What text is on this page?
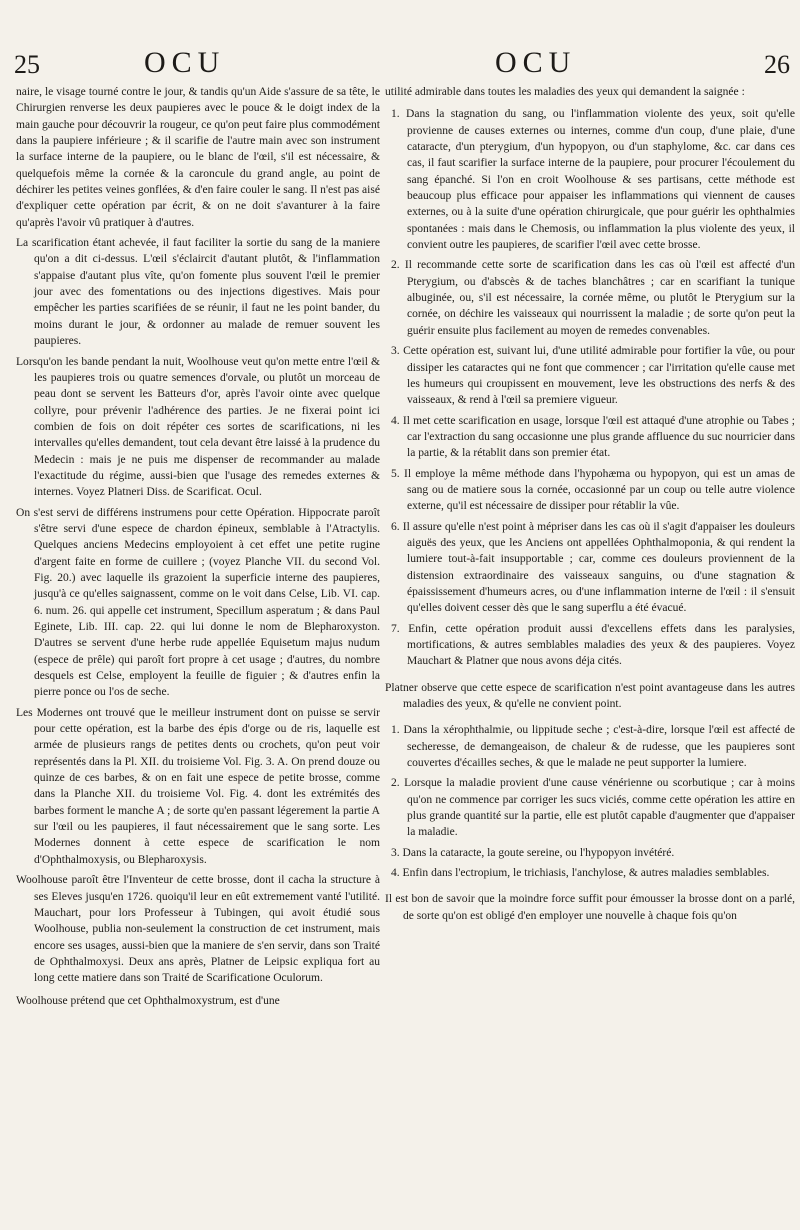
25	OCU	OCU	26

naire, le visage tourné contre le jour, & tandis qu'un Aide s'assure de sa tête, le Chirurgien renverse les deux paupieres avec le pouce & le doigt index de la main gauche pour découvrir la rougeur, ce qu'on peut faire plus commodément dans la paupiere inférieure ; & il scarifie de l'autre main avec son instrument la surface interne de la paupiere, ou le blanc de l'œil, s'il est nécessaire, & quelquefois même la cornée & la caroncule du grand angle, au point de déchirer les petites veines gonflées, & d'en faire couler le sang. Il n'est pas aisé d'expliquer cette opération par écrit, & on ne doit s'avanturer à la faire qu'après l'avoir vû pratiquer à d'autres.

La scarification étant achevée, il faut faciliter la sortie du sang de la maniere qu'on a dit ci-dessus. L'œil s'éclaircit d'autant plutôt, & l'inflammation s'appaise d'autant plus vîte, qu'on fomente plus souvent l'œil le premier jour avec des fomentations ou des injections digestives. Mais pour empêcher les parties scarifiées de se réunir, il faut ne les point bander, du moins durant le jour, & ordonner au malade de remuer souvent les paupieres.

Lorsqu'on les bande pendant la nuit, Woolhouse veut qu'on mette entre l'œil & les paupieres trois ou quatre semences d'orvale, ou plutôt un morceau de peau dont se servent les Batteurs d'or, après l'avoir ointe avec quelque collyre, pour prévenir l'adhérence des parties. Je ne fixerai point ici combien de fois on doit répéter ces sortes de scarifications, ni les intervalles qu'elles demandent, tout cela devant être laissé à la prudence du Medecin : mais je ne puis me dispenser de recommander au malade l'exactitude du régime, aussi-bien que l'usage des remedes externes & internes. Voyez Platneri Diss. de Scarificat. Ocul.

On s'est servi de différens instrumens pour cette Opération. Hippocrate paroît s'être servi d'une espece de chardon épineux, semblable à l'Atractylis. Quelques anciens Medecins employoient à cet effet une petite rugine d'argent faite en forme de cuillere ; (voyez Planche VII. du second Vol. Fig. 20.) avec laquelle ils grazoient la superficie interne des paupieres, jusqu'à ce qu'elles saignassent, comme on le voit dans Celse, Lib. VI. cap. 6. num. 26. qui appelle cet instrument, Specillum asperatum ; & dans Paul Eginete, Lib. III. cap. 22. qui lui donne le nom de Blepharoxyston. D'autres se servent d'une herbe rude appellée Equisetum majus nudum (espece de prêle) qui paroît fort propre à cet usage ; d'autres, du nombre desquels est Celse, employent la feuille de figuier ; & d'autres enfin la pierre ponce ou l'os de seche.

Les Modernes ont trouvé que le meilleur instrument dont on puisse se servir pour cette opération, est la barbe des épis d'orge ou de ris, laquelle est armée de plusieurs rangs de petites dents ou crochets, qu'on peut voir représentés dans la Pl. XII. du troisieme Vol. Fig. 3. A. On prend douze ou quinze de ces barbes, & on en fait une espece de petite brosse, comme dans la Planche XII. du troisieme Vol. Fig. 4. dont les extrémités des barbes forment le manche A ; de sorte qu'en passant légerement la partie A sur l'œil ou les paupieres, il faut nécessairement que le sang sorte. Les Modernes donnent à cette espece de scarification le nom d'Ophthalmoxysis, ou Blepharoxysis.

Woolhouse paroît être l'Inventeur de cette brosse, dont il cacha la structure à ses Eleves jusqu'en 1726. quoiqu'il leur en eût extremement vanté l'utilité. Mauchart, pour lors Professeur à Tubingen, qui avoit étudié sous Woolhouse, publia non-seulement la construction de cet instrument, mais encore ses usages, aussi-bien que la maniere de s'en servir, dans son Traité de Ophthalmoxysi. Deux ans après, Platner de Leipsic expliqua fort au long cette matiere dans son Traité de Scarificatione Oculorum.

Woolhouse prétend que cet Ophthalmoxystrum, est d'une

utilité admirable dans toutes les maladies des yeux qui demandent la saignée :

1. Dans la stagnation du sang, ou l'inflammation violente des yeux, soit qu'elle provienne de causes externes ou internes, comme d'un coup, d'une plaie, d'une cataracte, d'un pterygium, d'un hypopyon, ou d'un staphylome, &c. car dans ces cas, il faut scarifier la surface interne de la paupiere, pour procurer l'écoulement du sang épanché. Si l'on en croit Woolhouse & ses partisans, cette méthode est beaucoup plus efficace pour appaiser les inflammations qui viennent de causes externes, ou à la suite d'une opération chirurgicale, que pour guérir les ophthalmies spontanées : mais dans le Chemosis, ou inflammation la plus violente des yeux, il convient outre les paupieres, de scarifier l'œil avec cette brosse.

2. Il recommande cette sorte de scarification dans les cas où l'œil est affecté d'un Pterygium, ou d'abscès & de taches blanchâtres ; car en scarifiant la tunique albuginée, ou, s'il est nécessaire, la cornée même, ou plutôt le Pterygium sur la cornée, on déchire les vaisseaux qui nourrissent la maladie ; de sorte qu'on peut la guérir ensuite plus facilement au moyen de remedes convenables.

3. Cette opération est, suivant lui, d'une utilité admirable pour fortifier la vûe, ou pour dissiper les cataractes qui ne font que commencer ; car l'irritation qu'elle cause met les humeurs qui croupissent en mouvement, leve les obstructions des nerfs & des vaisseaux, & rend à l'œil sa premiere vigueur.

4. Il met cette scarification en usage, lorsque l'œil est attaqué d'une atrophie ou Tabes ; car l'extraction du sang occasionne une plus grande affluence du suc nourricier dans la partie, & la rétablit dans son premier état.

5. Il employe la même méthode dans l'hypohæma ou hypopyon, qui est un amas de sang ou de matiere sous la cornée, occasionné par un coup ou telle autre violence externe, qu'il est nécessaire de dissiper pour rétablir la vûe.

6. Il assure qu'elle n'est point à mépriser dans les cas où il s'agit d'appaiser les douleurs aiguës des yeux, que les Anciens ont appellées Ophthalmoponia, & qui rendent la lumiere tout-à-fait insupportable ; car, comme ces douleurs proviennent de la distension extraordinaire des vaisseaux sanguins, ou d'une stagnation & épaississement d'humeurs acres, ou d'une inflammation interne de l'œil : il s'ensuit qu'elles doivent cesser dès que le sang superflu a été évacué.

7. Enfin, cette opération produit aussi d'excellens effets dans les paralysies, mortifications, & autres semblables maladies des yeux & des paupieres. Voyez Mauchart & Platner que nous avons déja cités.

Platner observe que cette espece de scarification n'est point avantageuse dans les autres maladies des yeux, & qu'elle ne convient point.

1. Dans la xérophthalmie, ou lippitude seche ; c'est-à-dire, lorsque l'œil est affecté de secheresse, de demangeaison, de chaleur & de rudesse, que les paupieres sont couvertes d'écailles seches, & que le malade ne peut supporter la lumiere.

2. Lorsque la maladie provient d'une cause vénérienne ou scorbutique ; car à moins qu'on ne commence par corriger les sucs viciés, comme cette opération les attire en plus grande quantité sur la partie, elle est plutôt capable d'augmenter que d'appaiser la maladie.

3. Dans la cataracte, la goute sereine, ou l'hypopyon invétéré.

4. Enfin dans l'ectropium, le trichiasis, l'anchylose, & autres maladies semblables.

Il est bon de savoir que la moindre force suffit pour émousser la brosse dont on a parlé, de sorte qu'on est obligé d'en employer une nouvelle à chaque fois qu'on
